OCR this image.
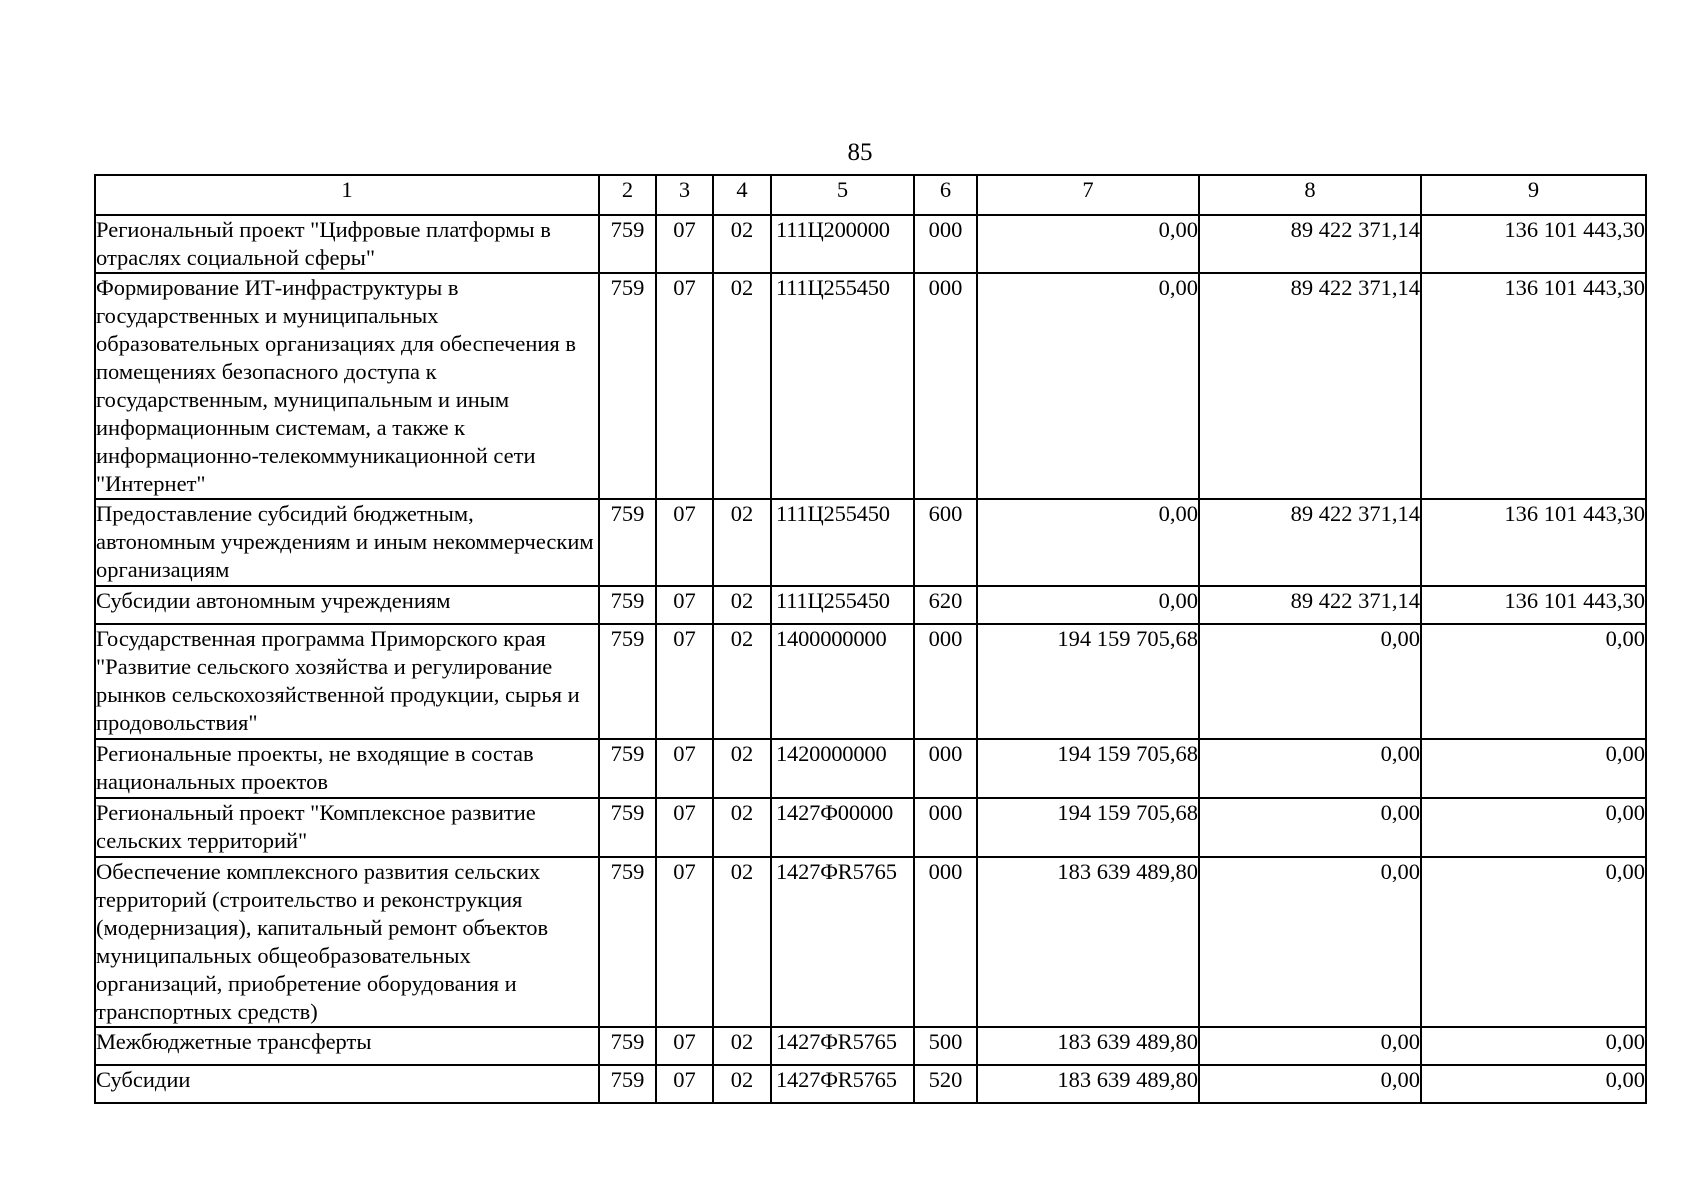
85
1	2	3	4	5	6	7	8	9
Региональный проект "Цифровые платформы в отраслях социальной сферы"	759	07	02	111Ц200000	000	0,00	89 422 371,14	136 101 443,30
Формирование ИТ-инфраструктуры в государственных и муниципальных образовательных организациях для обеспечения в помещениях безопасного доступа к государственным, муниципальным и иным информационным системам, а также к информационно-телекоммуникационной сети "Интернет"	759	07	02	111Ц255450	000	0,00	89 422 371,14	136 101 443,30
Предоставление субсидий бюджетным, автономным учреждениям и иным некоммерческим организациям	759	07	02	111Ц255450	600	0,00	89 422 371,14	136 101 443,30
Субсидии автономным учреждениям	759	07	02	111Ц255450	620	0,00	89 422 371,14	136 101 443,30
Государственная программа Приморского края "Развитие сельского хозяйства и регулирование рынков сельскохозяйственной продукции, сырья и продовольствия"	759	07	02	1400000000	000	194 159 705,68	0,00	0,00
Региональные проекты, не входящие в состав национальных проектов	759	07	02	1420000000	000	194 159 705,68	0,00	0,00
Региональный проект "Комплексное развитие сельских территорий"	759	07	02	1427Ф00000	000	194 159 705,68	0,00	0,00
Обеспечение комплексного развития сельских территорий (строительство и реконструкция (модернизация), капитальный ремонт объектов муниципальных общеобразовательных организаций, приобретение оборудования и транспортных средств)	759	07	02	1427ФR5765	000	183 639 489,80	0,00	0,00
Межбюджетные трансферты	759	07	02	1427ФR5765	500	183 639 489,80	0,00	0,00
Субсидии	759	07	02	1427ФR5765	520	183 639 489,80	0,00	0,00
